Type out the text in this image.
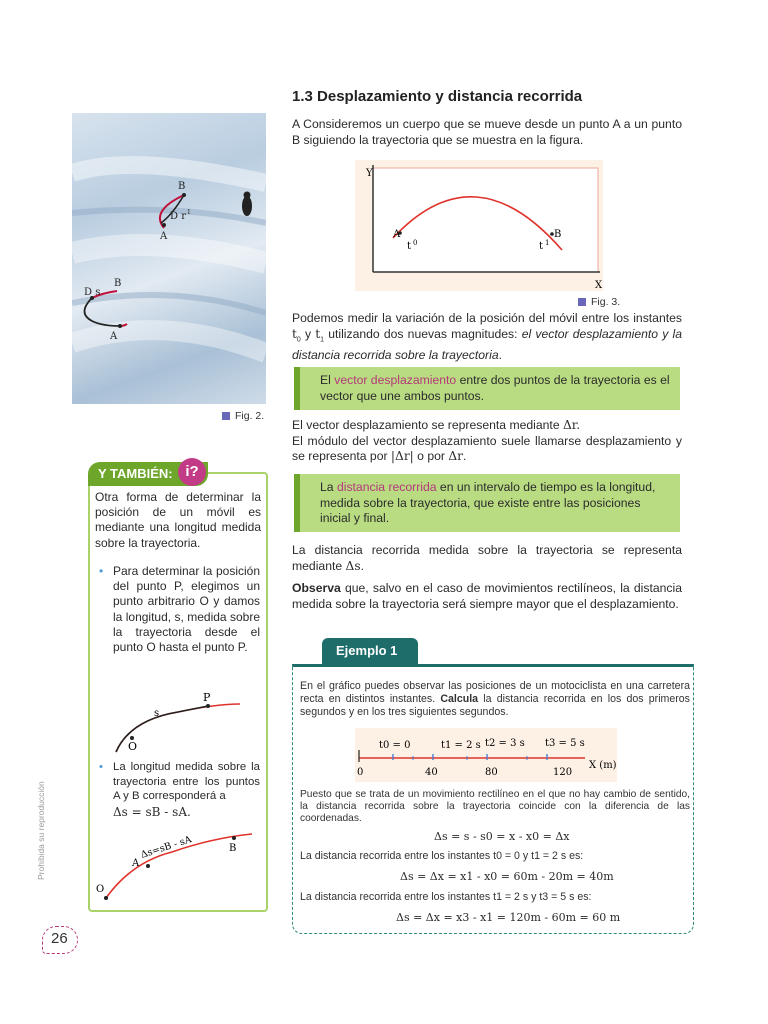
1.3 Desplazamiento y distancia recorrida
A Consideremos un cuerpo que se mueve desde un punto A a un punto B siguiendo la trayectoria que se muestra en la figura.
Y
X
A	B
t 0	t 1
Fig. 3.
Podemos medir la variación de la posición del móvil entre los instantes $t_0$ y $t_1$ utilizando dos nuevas magnitudes: el vector desplazamiento y la distancia recorrida sobre la trayectoria.
El vector desplazamiento entre dos puntos de la trayectoria es el vector que une ambos puntos.
El vector desplazamiento se representa mediante Δr.
El módulo del vector desplazamiento suele llamarse desplazamiento y se representa por |Δr| o por Δr.
La distancia recorrida en un intervalo de tiempo es la longitud, medida sobre la trayectoria, que existe entre las posiciones inicial y final.
La distancia recorrida medida sobre la trayectoria se representa mediante Δs.
Observa que, salvo en el caso de movimientos rectilíneos, la distancia medida sobre la trayectoria será siempre mayor que el desplazamiento.
B
D r 1
A
B
D s
A
Fig. 2.
Y TAMBIÉN: i?
Otra forma de determinar la posición de un móvil es mediante una longitud medida sobre la trayectoria.
• Para determinar la posición del punto P, elegimos un punto arbitrario O y damos la longitud, s, medida sobre la trayectoria desde el punto O hasta el punto P.
P
s
O
• La longitud medida sobre la trayectoria entre los puntos A y B corresponderá a
Δs = sB - sA.
Δs=sB - sA
A
B
O
Ejemplo 1
En el gráfico puedes observar las posiciones de un motociclista en una carretera recta en distintos instantes. Calcula la distancia recorrida en los dos primeros segundos y en los tres siguientes segundos.
t0 = 0	t1 = 2 s t2 = 3 s t3 = 5 s
0	40	80	120
X (m)
Puesto que se trata de un movimiento rectilíneo en el que no hay cambio de sentido, la distancia recorrida sobre la trayectoria coincide con la diferencia de las coordenadas.
Δs = s - s0 = x - x0 = Δx
La distancia recorrida entre los instantes t0 = 0 y t1 = 2 s es:
Δs = Δx = x1 - x0 = 60m - 20m = 40m
La distancia recorrida entre los instantes t1 = 2 s y t3 = 5 s es:
Δs = Δx = x3 - x1 = 120m - 60m = 60 m
26
Prohibida su reproducción
